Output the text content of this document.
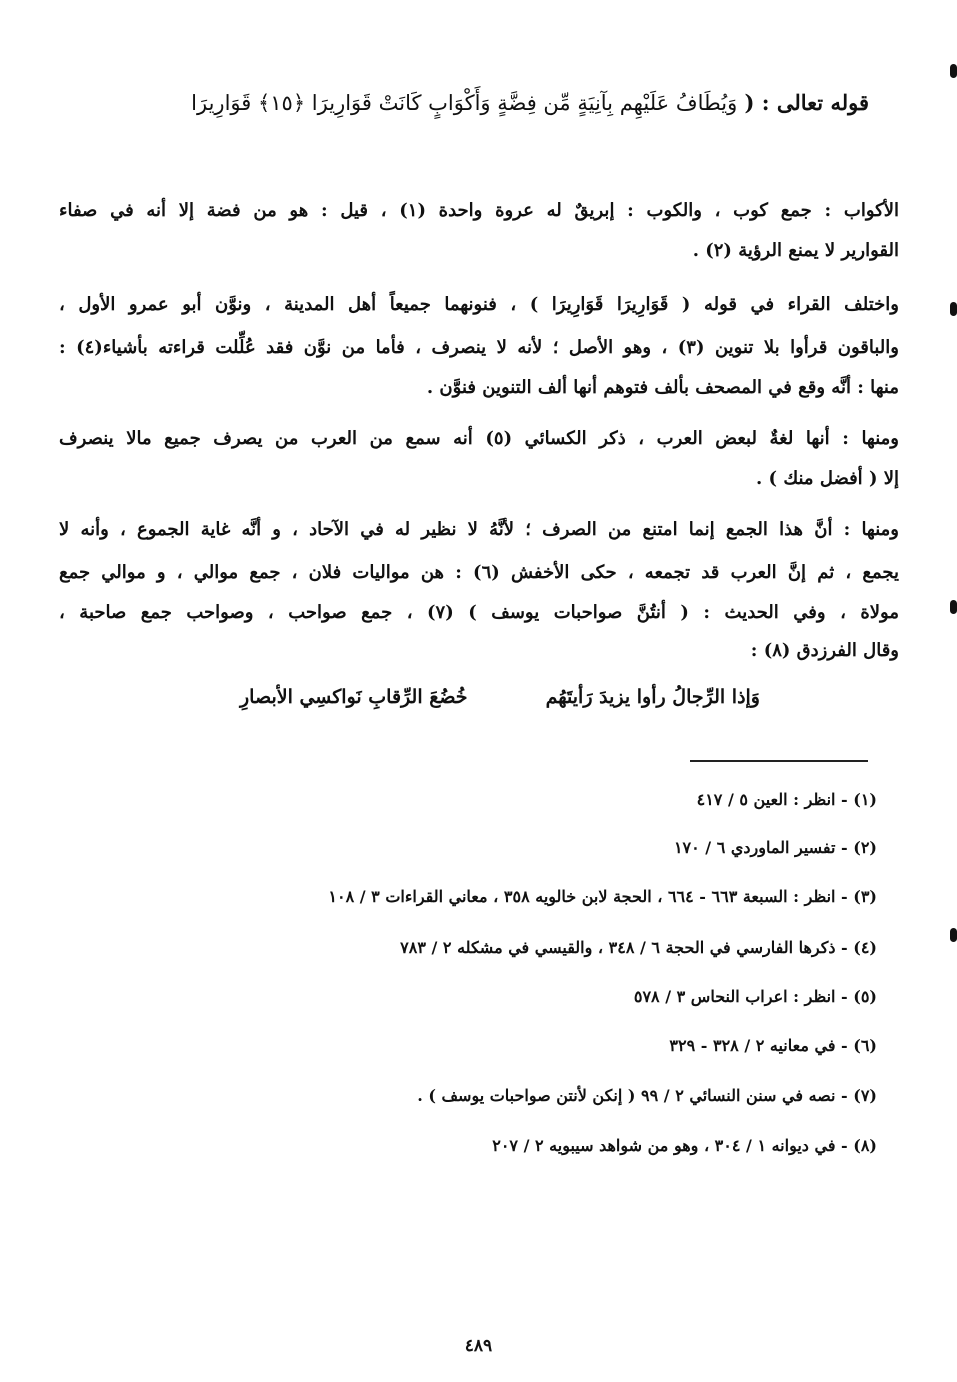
قوله تعالى : ( وَيُطَافُ عَلَيْهِم بِآنِيَةٍ مِّن فِضَّةٍ وَأَكْوَابٍ كَانَتْ قَوَارِيرَا ﴿١٥﴾ قَوَارِيرَا
الأكواب : جمع كوب ، والكوب : إبريقٌ له عروة واحدة (١) ، قيل : هو من فضة إلا أنه في صفاء
القوارير لا يمنع الرؤية (٢) .
واختلف القراء في قوله ( قَوَارِيرَا قَوَارِيرَا ) ، فنونهما جميعاً أهل المدينة ، ونوَّن أبو عمرو الأول ،
والباقون قرأوا بلا تنوين (٣) ، وهو الأصل ؛ لأنه لا ينصرف ، فأما من نوَّن فقد عُلِّلت قراءته بأشياء(٤) :
منها : أنَّه وقع في المصحف بألف فتوهم أنها ألف التنوين فنوَّن .
ومنها : أنها لغةٌ لبعض العرب ، ذكر الكسائي (٥) أنه سمع من العرب من يصرف جميع مالا ينصرف
إلا ( أفضل منك ) .
ومنها : أنَّ هذا الجمع إنما امتنع من الصرف ؛ لأنَّهُ لا نظير له في الآحاد ، و أنَّه غاية الجموع ، وأنه لا
يجمع ، ثم إنَّ العرب قد تجمعه ، حكى الأخفش (٦) : هن مواليات فلان ، جمع موالي ، و موالي جمع
مولاة ، وفي الحديث : ( أنتُنَّ صواحبات يوسف ) (٧) ، جمع صواحب ، وصواحب جمع صاحبة ،
وقال الفرزدق (٨) :
وَإذا الرِّجالُ رأوا يزيدَ رَأيتَهُم
خُضُعَ الرِّقابِ نَواكسِي الأبصارِ
(١) - انظر : العين ٥ / ٤١٧
(٢) - تفسير الماوردي ٦ / ١٧٠
(٣) - انظر : السبعة ٦٦٣ - ٦٦٤ ، الحجة لابن خالويه ٣٥٨ ، معاني القراءات ٣ / ١٠٨
(٤) - ذكرها الفارسي في الحجة ٦ / ٣٤٨ ، والقيسي في مشكله ٢ / ٧٨٣
(٥) - انظر : اعراب النحاس ٣ / ٥٧٨
(٦) - في معانيه ٢ / ٣٢٨ - ٣٢٩
(٧) - نصه في سنن النسائي ٢ / ٩٩ ( إنكن لأنتن صواحبات يوسف ) .
(٨) - في ديوانه ١ / ٣٠٤ ، وهو من شواهد سيبويه ٢ / ٢٠٧
٤٨٩
